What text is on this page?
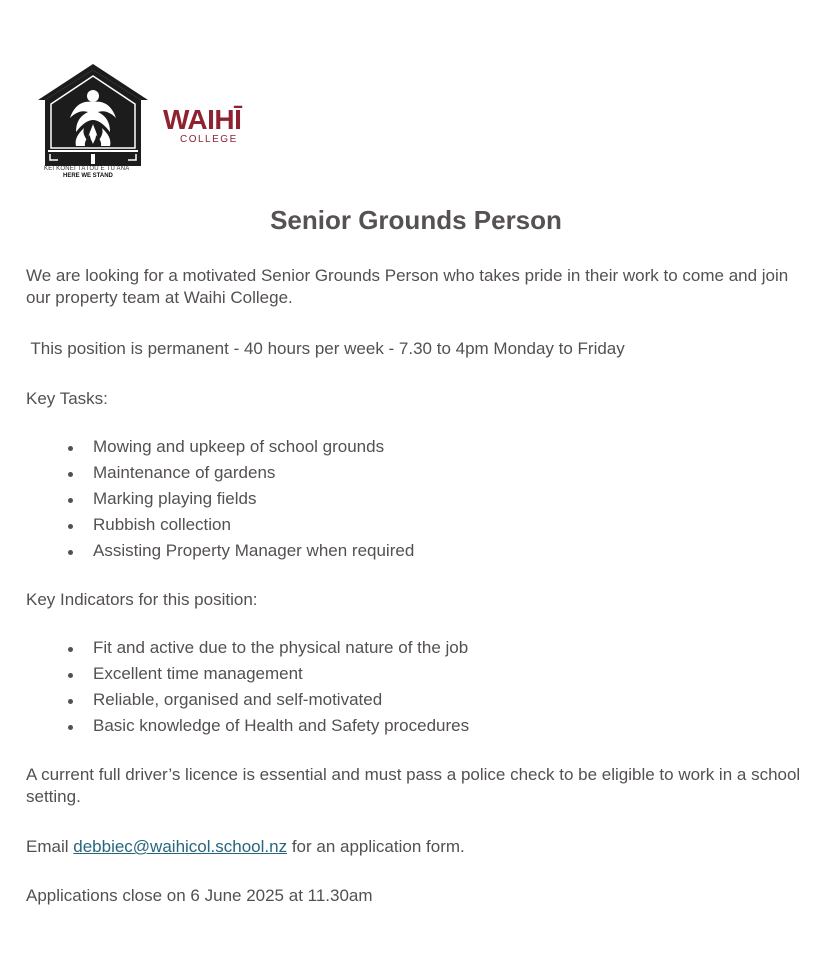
KEI KONEI TĀTOU E TŪ ANA
HERE WE STAND
WAIHĪ
COLLEGE
Senior Grounds Person

We are looking for a motivated Senior Grounds Person who takes pride in their work to come and join our property team at Waihi College.

This position is permanent - 40 hours per week - 7.30 to 4pm Monday to Friday

Key Tasks:

Mowing and upkeep of school grounds
Maintenance of gardens
Marking playing fields
Rubbish collection
Assisting Property Manager when required

Key Indicators for this position:

Fit and active due to the physical nature of the job
Excellent time management
Reliable, organised and self-motivated
Basic knowledge of Health and Safety procedures

A current full driver’s licence is essential and must pass a police check to be eligible to work in a school setting.

Email debbiec@waihicol.school.nz for an application form.

Applications close on 6 June 2025 at 11.30am
